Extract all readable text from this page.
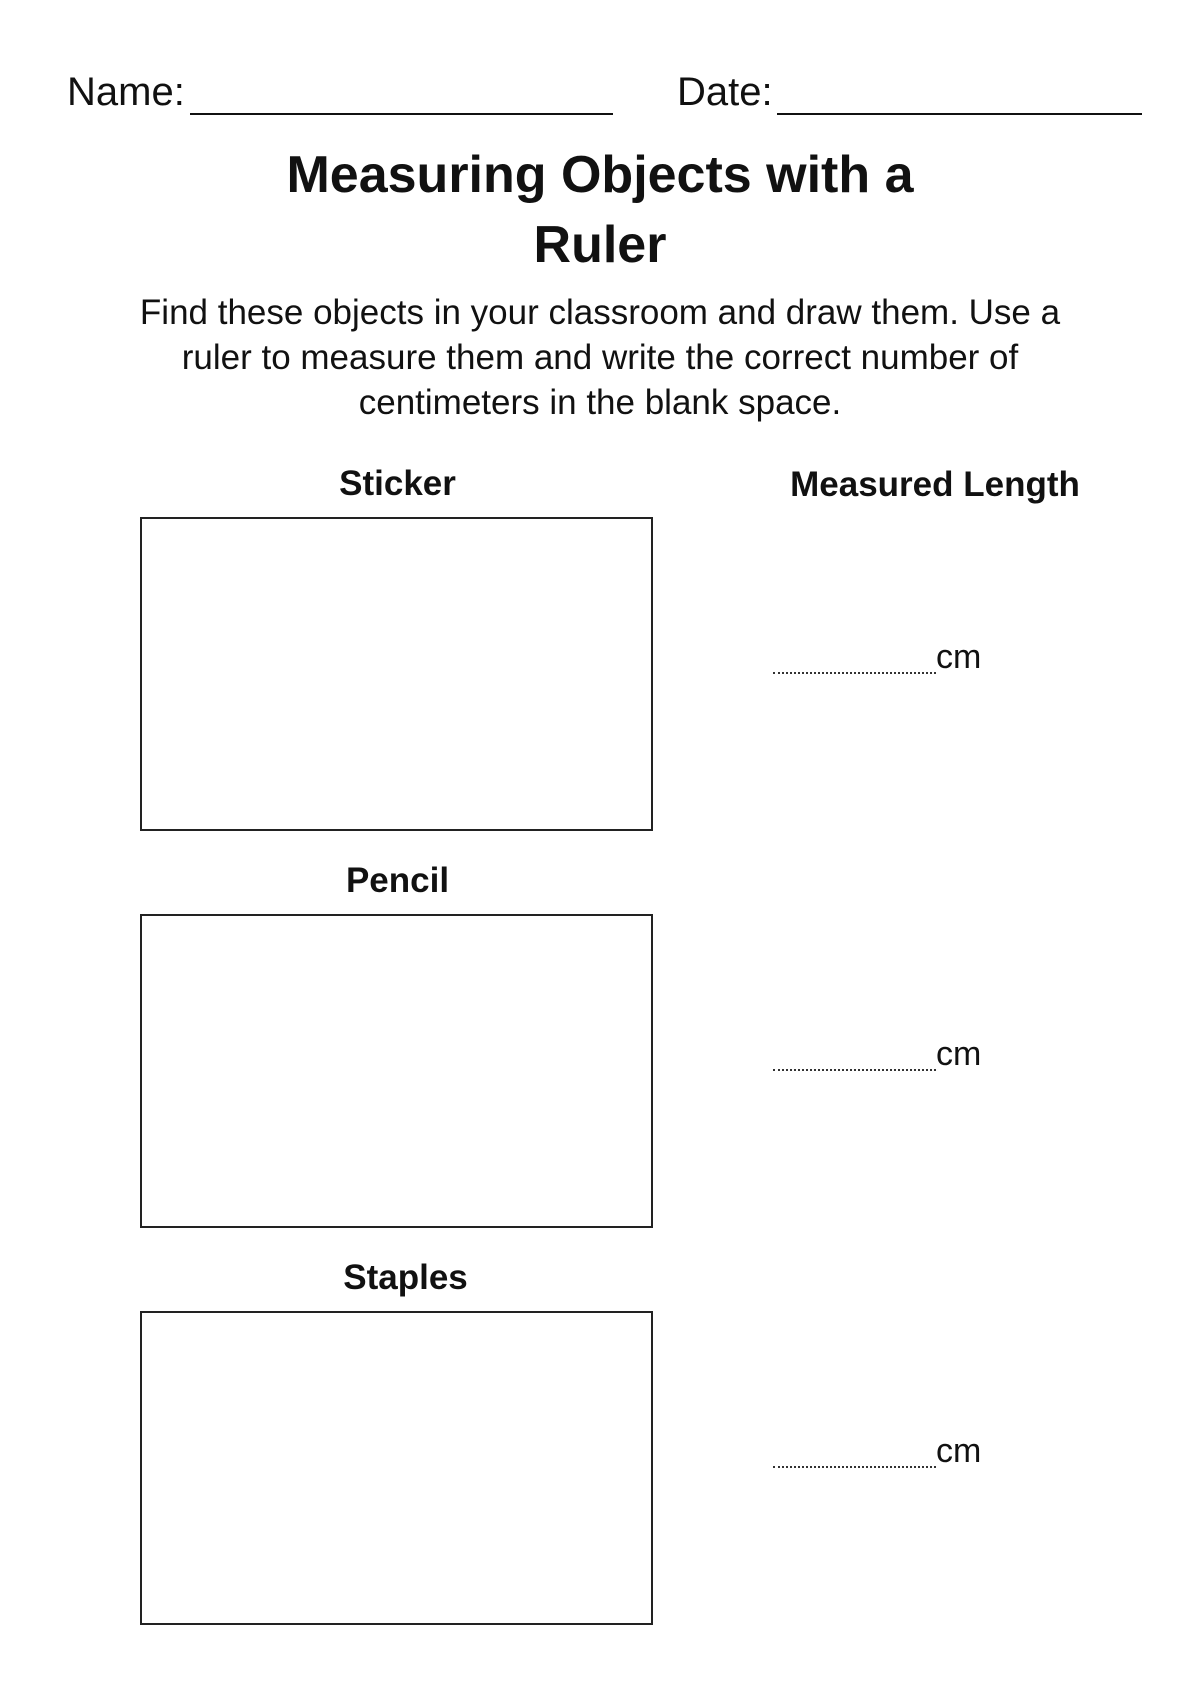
Name:	Date:
Measuring Objects with a
Ruler
Find these objects in your classroom and draw them. Use a
ruler to measure them and write the correct number of
centimeters in the blank space.
Measured Length
Sticker
cm
Pencil
cm
Staples
cm
